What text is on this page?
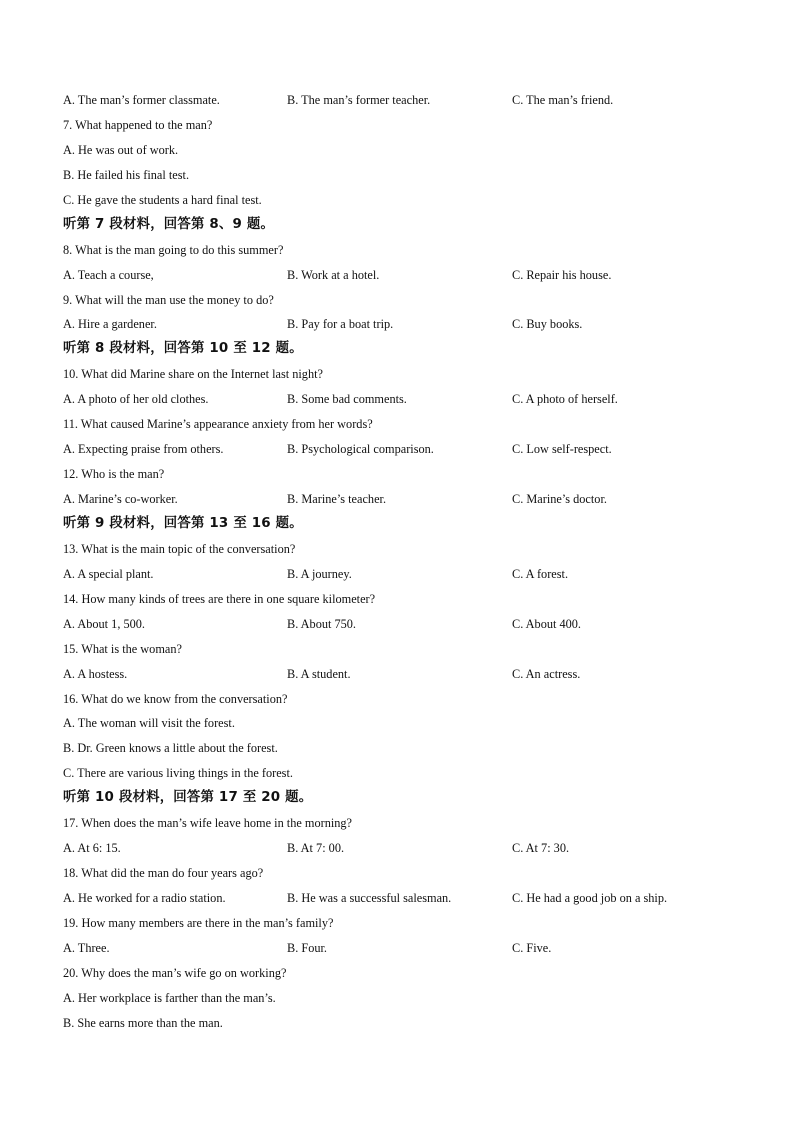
A. The man’s former classmate.	B. The man’s former teacher.	C. The man’s friend.
7. What happened to the man?
A. He was out of work.
B. He failed his final test.
C. He gave the students a hard final test.
听第 7 段材料，回答第 8、9 题。
8. What is the man going to do this summer?
A. Teach a course,	B. Work at a hotel.	C. Repair his house.
9. What will the man use the money to do?
A. Hire a gardener.	B. Pay for a boat trip.	C. Buy books.
听第 8 段材料，回答第 10 至 12 题。
10. What did Marine share on the Internet last night?
A. A photo of her old clothes.	B. Some bad comments.	C. A photo of herself.
11. What caused Marine’s appearance anxiety from her words?
A. Expecting praise from others.	B. Psychological comparison.	C. Low self-respect.
12. Who is the man?
A. Marine’s co-worker.	B. Marine’s teacher.	C. Marine’s doctor.
听第 9 段材料，回答第 13 至 16 题。
13. What is the main topic of the conversation?
A. A special plant.	B. A journey.	C. A forest.
14. How many kinds of trees are there in one square kilometer?
A. About 1, 500.	B. About 750.	C. About 400.
15. What is the woman?
A. A hostess.	B. A student.	C. An actress.
16. What do we know from the conversation?
A. The woman will visit the forest.
B. Dr. Green knows a little about the forest.
C. There are various living things in the forest.
听第 10 段材料，回答第 17 至 20 题。
17. When does the man’s wife leave home in the morning?
A. At 6: 15.	B. At 7: 00.	C. At 7: 30.
18. What did the man do four years ago?
A. He worked for a radio station.	B. He was a successful salesman.	C. He had a good job on a ship.
19. How many members are there in the man’s family?
A. Three.	B. Four.	C. Five.
20. Why does the man’s wife go on working?
A. Her workplace is farther than the man’s.
B. She earns more than the man.
